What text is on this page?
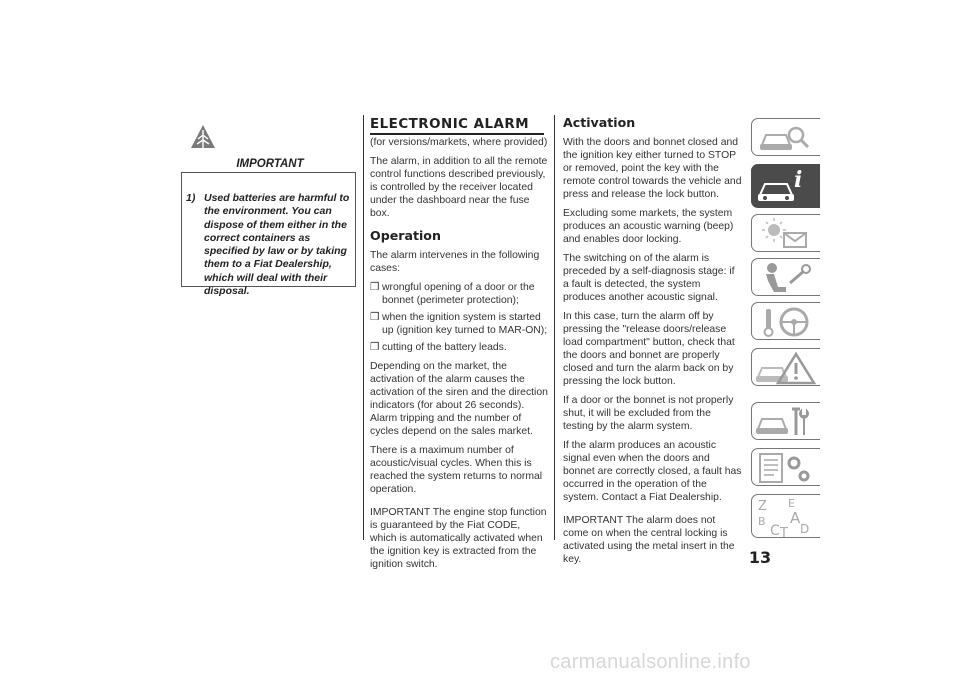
IMPORTANT
1) Used batteries are harmful to the environment. You can dispose of them either in the correct containers as specified by law or by taking them to a Fiat Dealership, which will deal with their disposal.
ELECTRONIC ALARM

(for versions/markets, where provided)

The alarm, in addition to all the remote control functions described previously, is controlled by the receiver located under the dashboard near the fuse box.

Operation

The alarm intervenes in the following cases:

❒ wrongful opening of a door or the bonnet (perimeter protection);
❒ when the ignition system is started up (ignition key turned to MAR-ON);
❒ cutting of the battery leads.

Depending on the market, the activation of the alarm causes the activation of the siren and the direction indicators (for about 26 seconds). Alarm tripping and the number of cycles depend on the sales market.

There is a maximum number of acoustic/visual cycles. When this is reached the system returns to normal operation.

IMPORTANT The engine stop function is guaranteed by the Fiat CODE, which is automatically activated when the ignition key is extracted from the ignition switch.

Activation

With the doors and bonnet closed and the ignition key either turned to STOP or removed, point the key with the remote control towards the vehicle and press and release the lock button.

Excluding some markets, the system produces an acoustic warning (beep) and enables door locking.

The switching on of the alarm is preceded by a self-diagnosis stage: if a fault is detected, the system produces another acoustic signal.

In this case, turn the alarm off by pressing the "release doors/release load compartment" button, check that the doors and bonnet are properly closed and turn the alarm back on by pressing the lock button.

If a door or the bonnet is not properly shut, it will be excluded from the testing by the alarm system.

If the alarm produces an acoustic signal even when the doors and bonnet are correctly closed, a fault has occurred in the operation of the system. Contact a Fiat Dealership.

IMPORTANT The alarm does not come on when the central locking is activated using the metal insert in the key.

i
Z E
B A
C D
T
13
carmanualsonline.info
